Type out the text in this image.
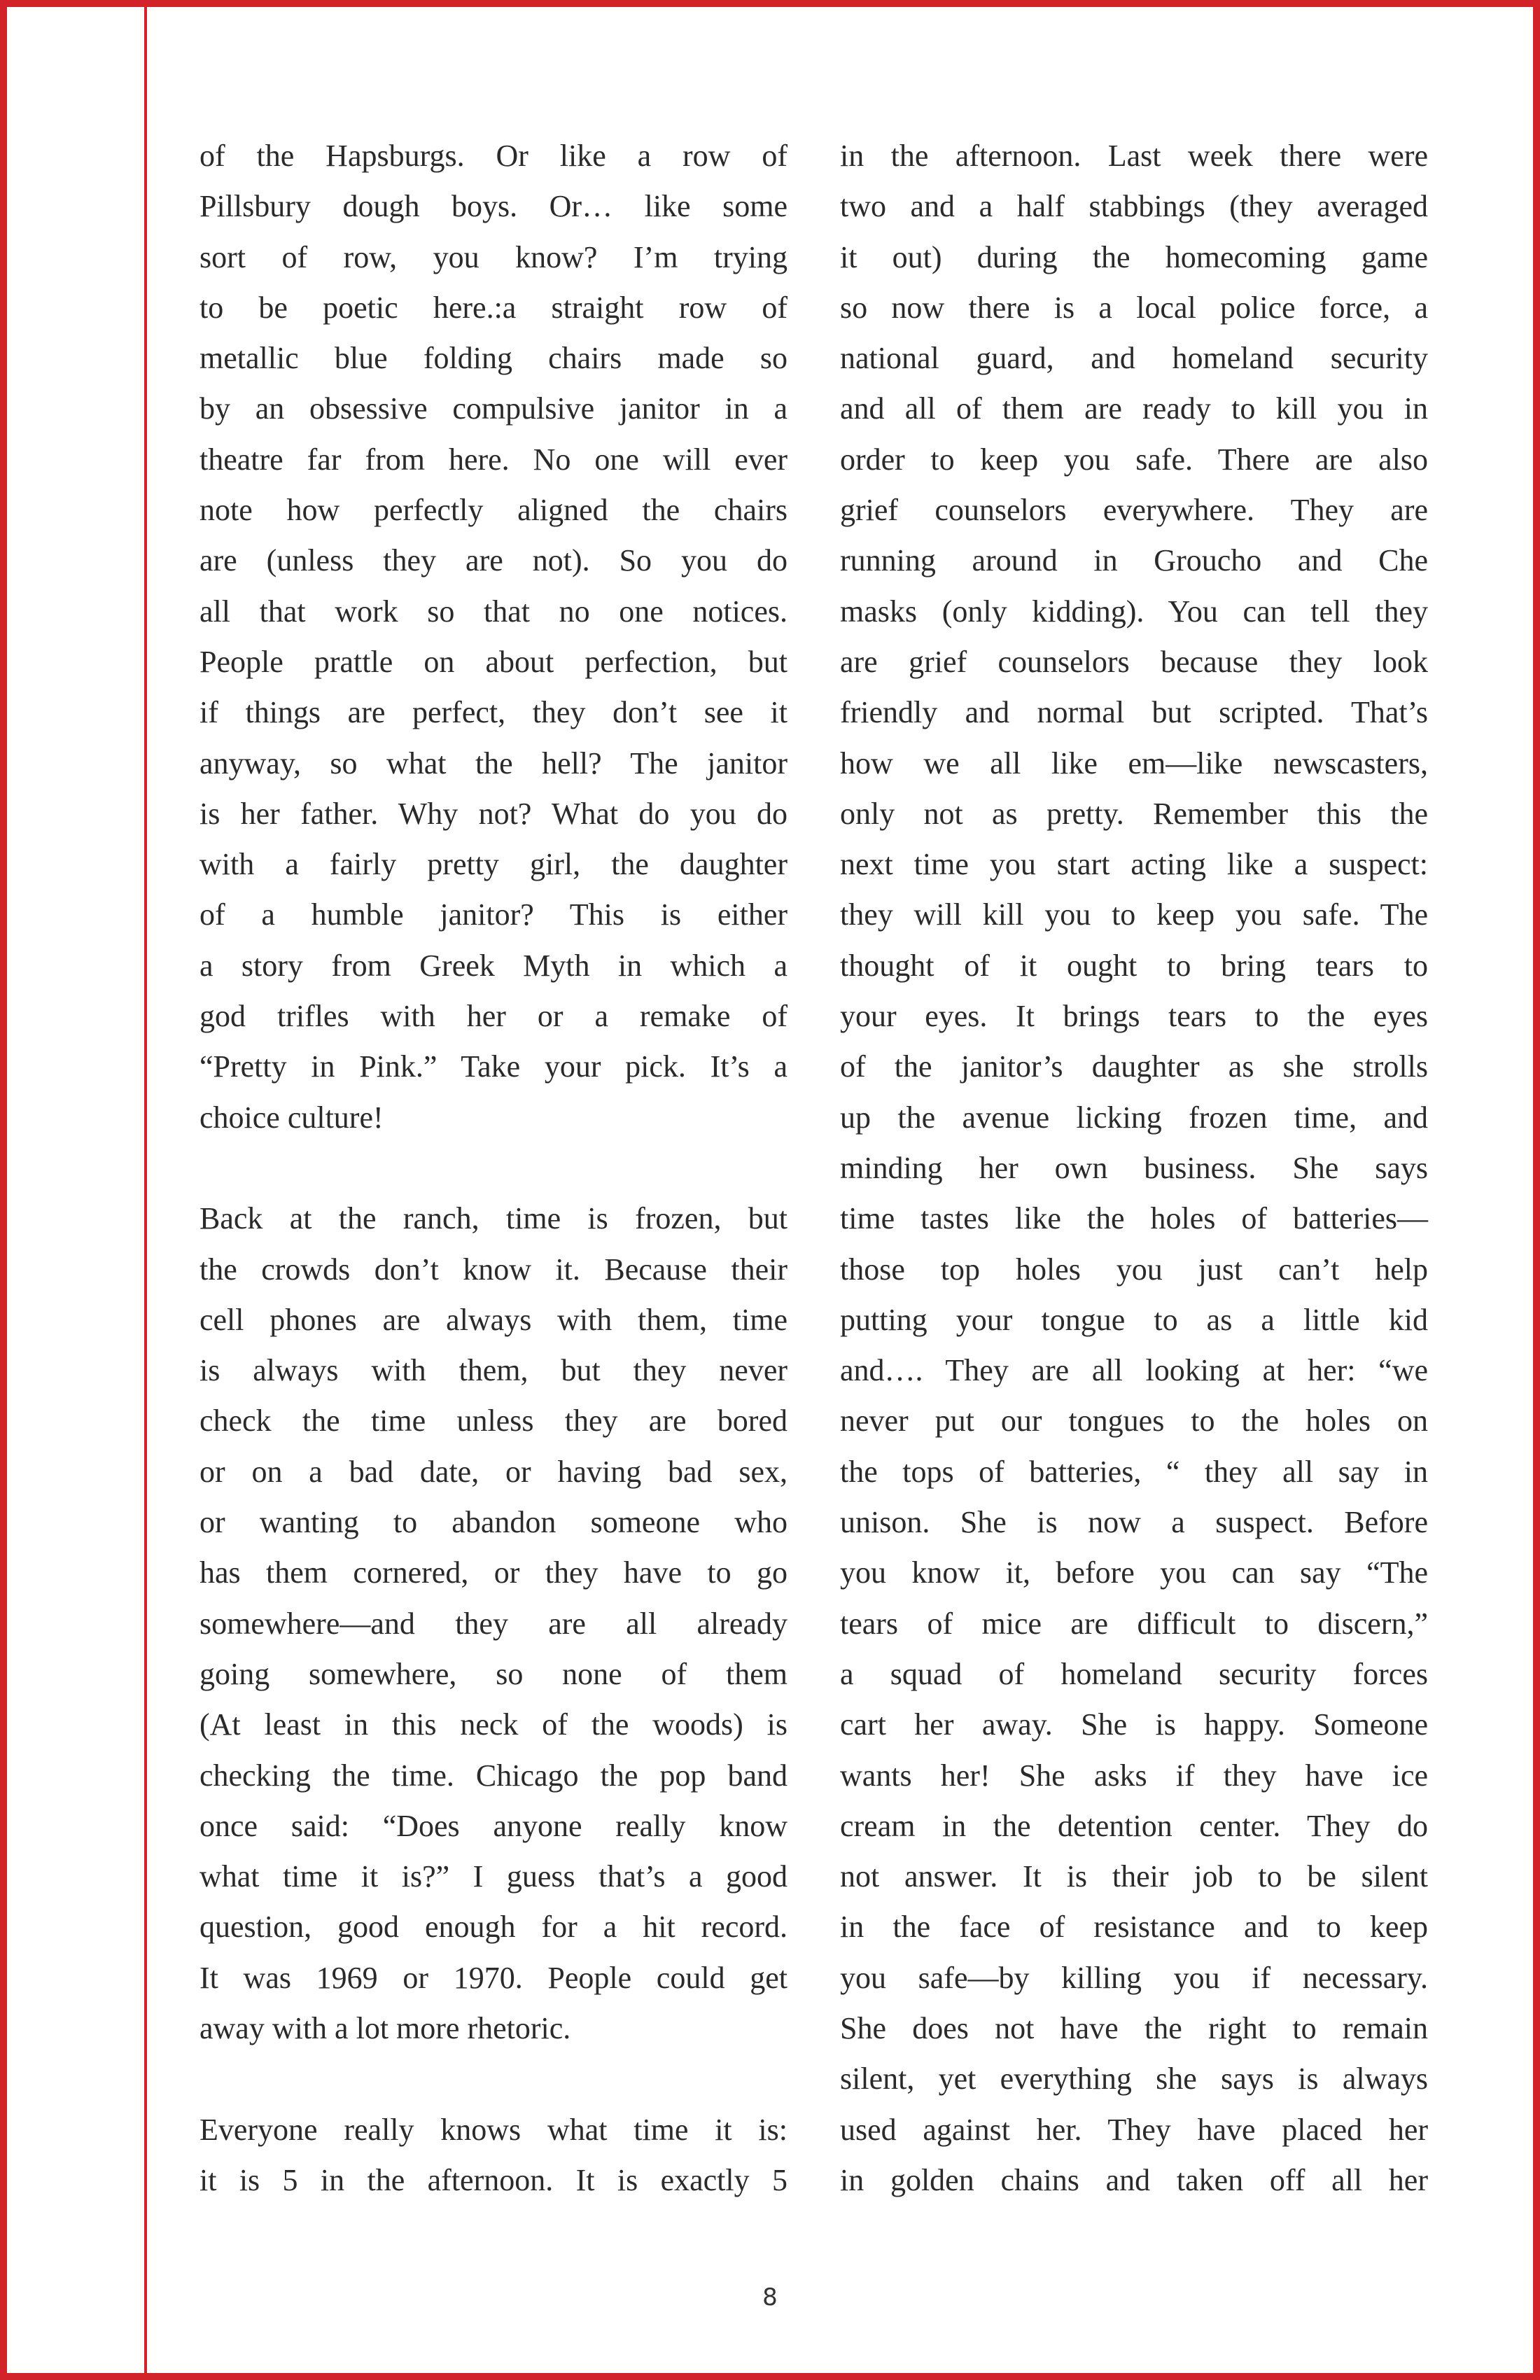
of the Hapsburgs. Or like a row of
Pillsbury dough boys. Or… like some
sort of row, you know? I’m trying
to be poetic here.:a straight row of
metallic blue folding chairs made so
by an obsessive compulsive janitor in a
theatre far from here. No one will ever
note how perfectly aligned the chairs
are (unless they are not). So you do
all that work so that no one notices.
People prattle on about perfection, but
if things are perfect, they don’t see it
anyway, so what the hell? The janitor
is her father. Why not? What do you do
with a fairly pretty girl, the daughter
of a humble janitor? This is either
a story from Greek Myth in which a
god trifles with her or a remake of
“Pretty in Pink.” Take your pick. It’s a
choice culture!
Back at the ranch, time is frozen, but
the crowds don’t know it. Because their
cell phones are always with them, time
is always with them, but they never
check the time unless they are bored
or on a bad date, or having bad sex,
or wanting to abandon someone who
has them cornered, or they have to go
somewhere—and they are all already
going somewhere, so none of them
(At least in this neck of the woods) is
checking the time. Chicago the pop band
once said: “Does anyone really know
what time it is?” I guess that’s a good
question, good enough for a hit record.
It was 1969 or 1970. People could get
away with a lot more rhetoric.
Everyone really knows what time it is:
it is 5 in the afternoon. It is exactly 5
in the afternoon. Last week there were
two and a half stabbings (they averaged
it out) during the homecoming game
so now there is a local police force, a
national guard, and homeland security
and all of them are ready to kill you in
order to keep you safe. There are also
grief counselors everywhere. They are
running around in Groucho and Che
masks (only kidding). You can tell they
are grief counselors because they look
friendly and normal but scripted. That’s
how we all like em—like newscasters,
only not as pretty. Remember this the
next time you start acting like a suspect:
they will kill you to keep you safe. The
thought of it ought to bring tears to
your eyes. It brings tears to the eyes
of the janitor’s daughter as she strolls
up the avenue licking frozen time, and
minding her own business. She says
time tastes like the holes of batteries—
those top holes you just can’t help
putting your tongue to as a little kid
and…. They are all looking at her: “we
never put our tongues to the holes on
the tops of batteries, “ they all say in
unison. She is now a suspect. Before
you know it, before you can say “The
tears of mice are difficult to discern,”
a squad of homeland security forces
cart her away. She is happy. Someone
wants her! She asks if they have ice
cream in the detention center. They do
not answer. It is their job to be silent
in the face of resistance and to keep
you safe—by killing you if necessary.
She does not have the right to remain
silent, yet everything she says is always
used against her. They have placed her
in golden chains and taken off all her
8
